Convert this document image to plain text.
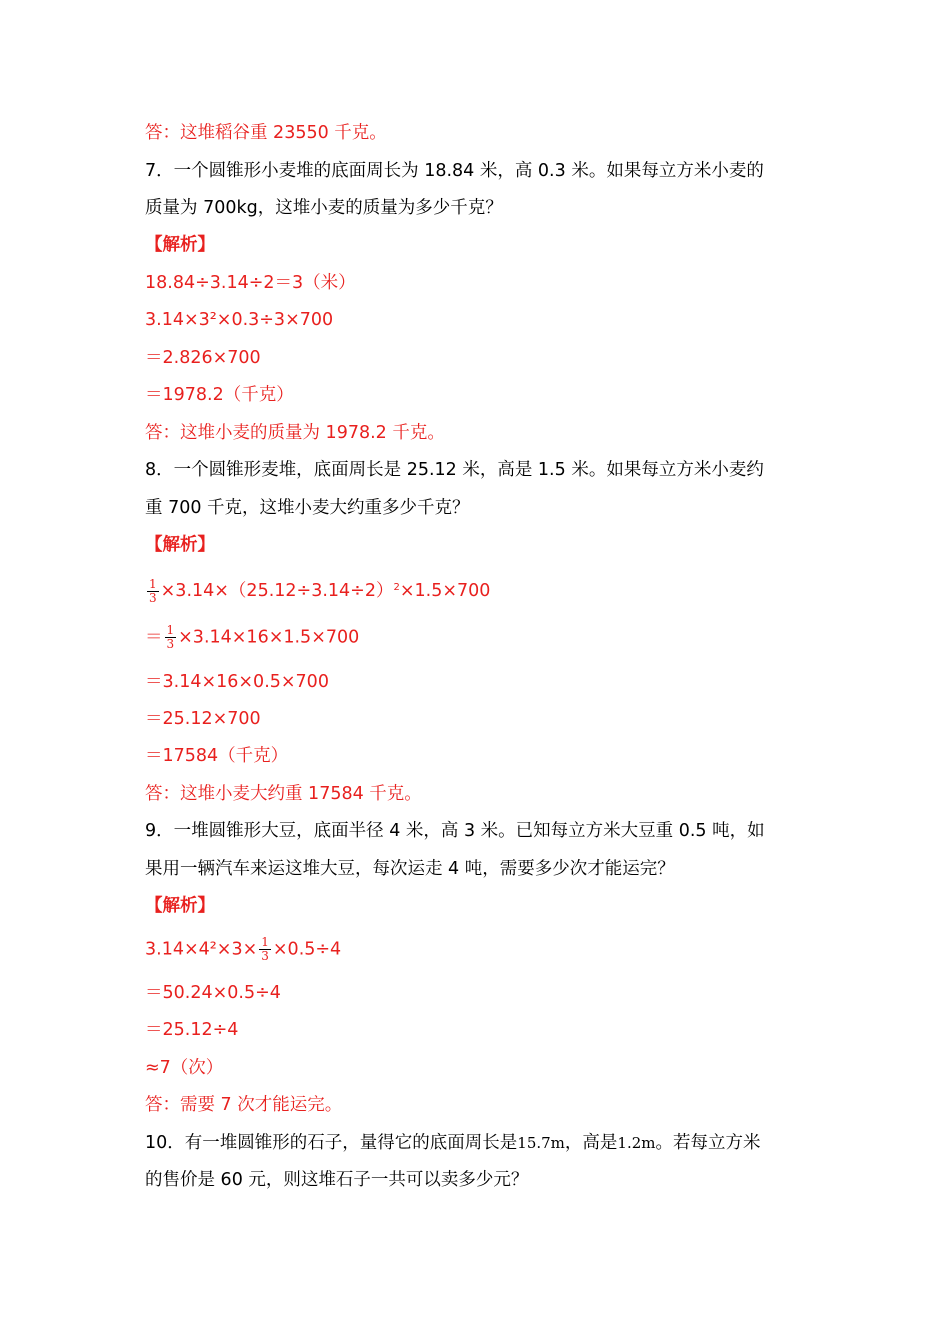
答：这堆稻谷重 23550 千克。
7．一个圆锥形小麦堆的底面周长为 18.84 米，高 0.3 米。如果每立方米小麦的
质量为 700kg，这堆小麦的质量为多少千克？
【解析】
18.84÷3.14÷2＝3（米）
3.14×3²×0.3÷3×700
＝2.826×700
＝1978.2（千克）
答：这堆小麦的质量为 1978.2 千克。
8．一个圆锥形麦堆，底面周长是 25.12 米，高是 1.5 米。如果每立方米小麦约
重 700 千克，这堆小麦大约重多少千克？
【解析】
$\frac{1}{3} \times 3.14\times(25.12\div 3.14\div 2)^2\times 1.5\times 700$
＝ $\frac{1}{3} \times 3.14\times 16\times 1.5\times 700$
＝3.14×16×0.5×700
＝25.12×700
＝17584（千克）
答：这堆小麦大约重 17584 千克。
9．一堆圆锥形大豆，底面半径 4 米，高 3 米。已知每立方米大豆重 0.5 吨，如
果用一辆汽车来运这堆大豆，每次运走 4 吨，需要多少次才能运完？
【解析】
$3.14\times 4^2\times 3\times \frac{1}{3} \times 0.5\div 4$
＝50.24×0.5÷4
＝25.12÷4
≈7（次）
答：需要 7 次才能运完。
10．有一堆圆锥形的石子，量得它的底面周长是15.7m，高是1.2m。若每立方米
的售价是 60 元，则这堆石子一共可以卖多少元？
